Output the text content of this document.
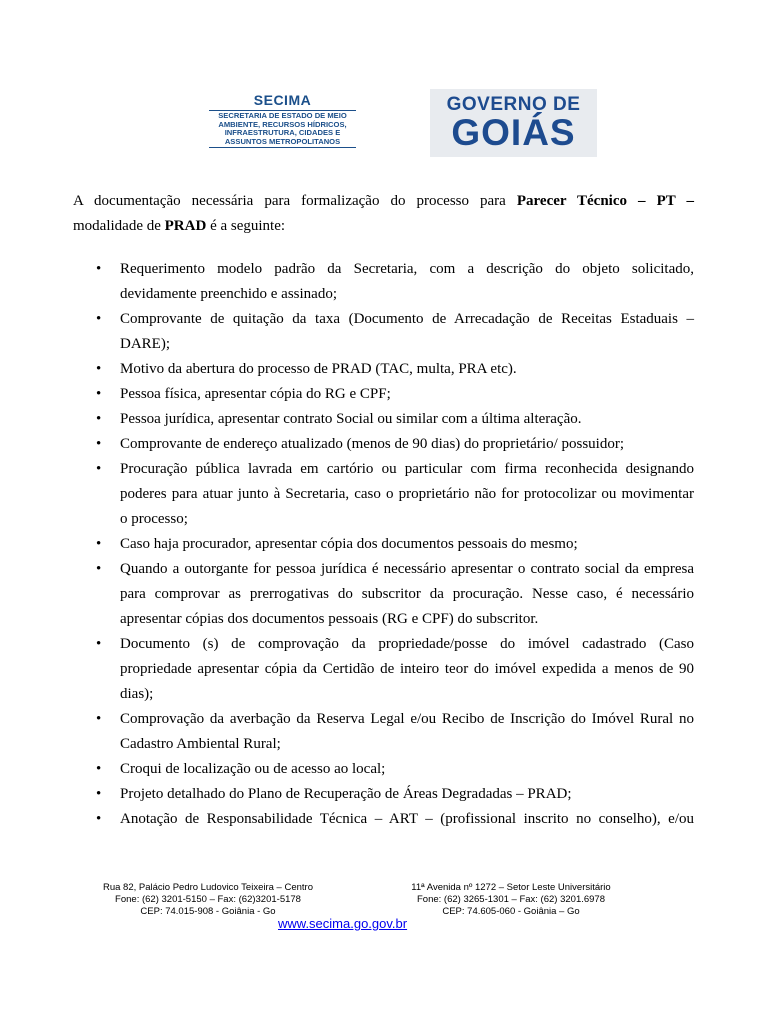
SECIMA
SECRETARIA DE ESTADO DE MEIO
AMBIENTE, RECURSOS HÍDRICOS,
INFRAESTRUTURA, CIDADES E
ASSUNTOS METROPOLITANOS
GOVERNO DE
GOIÁS
A documentação necessária para formalização do processo para Parecer Técnico – PT –
modalidade de PRAD é a seguinte:
• Requerimento modelo padrão da Secretaria, com a descrição do objeto solicitado,
devidamente preenchido e assinado;
• Comprovante de quitação da taxa (Documento de Arrecadação de Receitas Estaduais –
DARE);
• Motivo da abertura do processo de PRAD (TAC, multa, PRA etc).
• Pessoa física, apresentar cópia do RG e CPF;
• Pessoa jurídica, apresentar contrato Social ou similar com a última alteração.
• Comprovante de endereço atualizado (menos de 90 dias) do proprietário/ possuidor;
• Procuração pública lavrada em cartório ou particular com firma reconhecida designando
poderes para atuar junto à Secretaria, caso o proprietário não for protocolizar ou movimentar
o processo;
• Caso haja procurador, apresentar cópia dos documentos pessoais do mesmo;
• Quando a outorgante for pessoa jurídica é necessário apresentar o contrato social da empresa
para comprovar as prerrogativas do subscritor da procuração. Nesse caso, é necessário
apresentar cópias dos documentos pessoais (RG e CPF) do subscritor.
• Documento (s) de comprovação da propriedade/posse do imóvel cadastrado (Caso
propriedade apresentar cópia da Certidão de inteiro teor do imóvel expedida a menos de 90
dias);
• Comprovação da averbação da Reserva Legal e/ou Recibo de Inscrição do Imóvel Rural no
Cadastro Ambiental Rural;
• Croqui de localização ou de acesso ao local;
• Projeto detalhado do Plano de Recuperação de Áreas Degradadas – PRAD;
• Anotação de Responsabilidade Técnica – ART – (profissional inscrito no conselho), e/ou
Rua 82, Palácio Pedro Ludovico Teixeira – Centro
Fone: (62) 3201-5150 – Fax: (62)3201-5178
CEP: 74.015-908 - Goiânia - Go
11ª Avenida nº 1272 – Setor Leste Universitário
Fone: (62) 3265-1301 – Fax: (62) 3201.6978
CEP: 74.605-060 - Goiânia – Go
www.secima.go.gov.br
